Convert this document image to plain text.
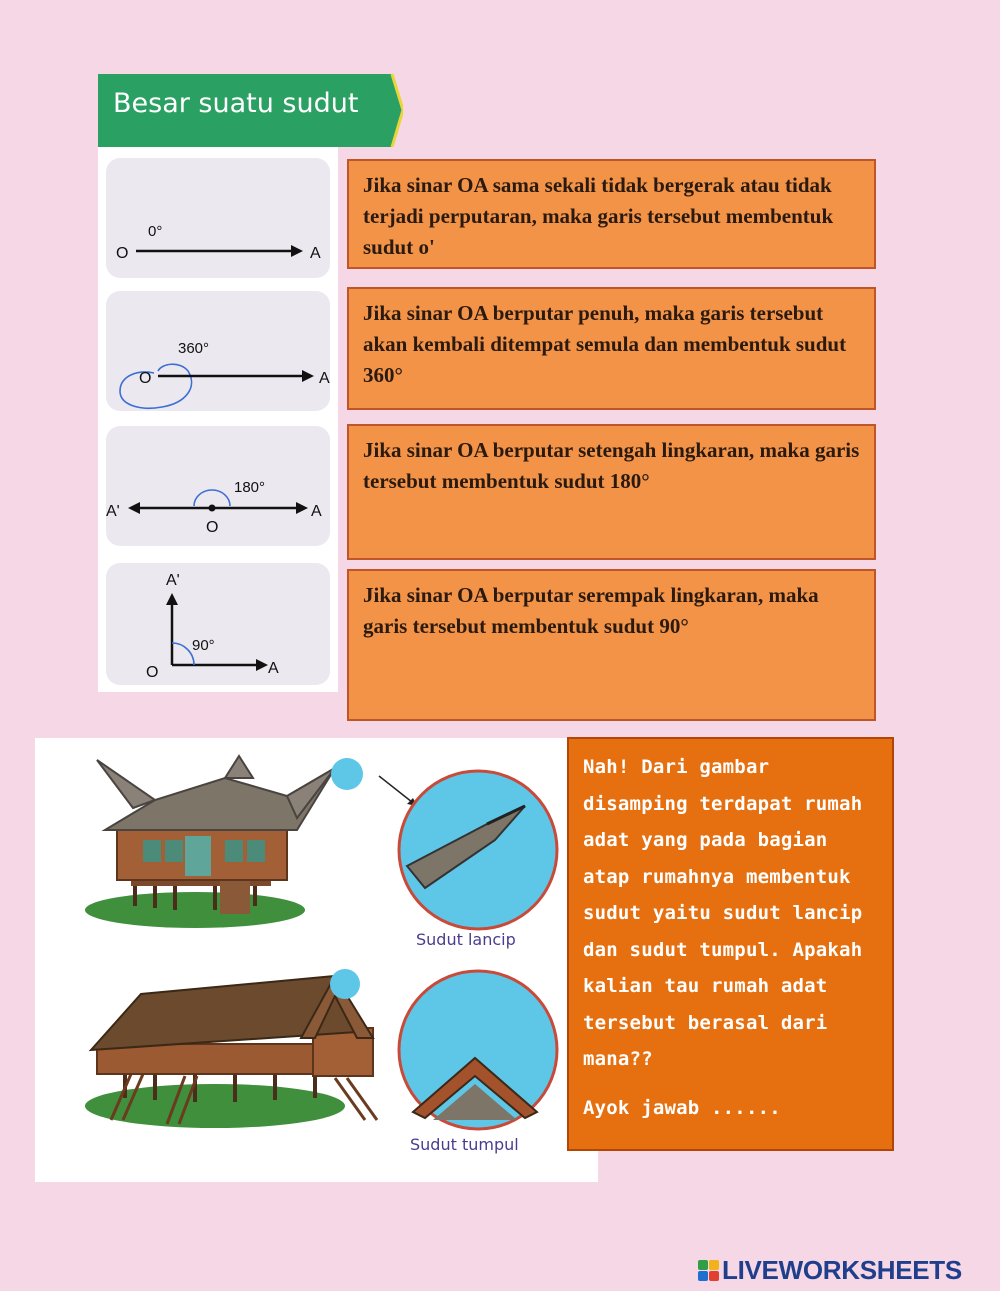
Besar suatu sudut
O	A
0°
O	A
360°
A'	A
O
180°
A'
O	A
90°
Jika sinar OA sama sekali tidak bergerak atau tidak terjadi perputaran, maka garis tersebut membentuk sudut o'
Jika sinar OA berputar penuh, maka garis tersebut akan kembali ditempat semula dan membentuk sudut 360°
Jika sinar OA berputar setengah lingkaran, maka garis tersebut membentuk sudut 180°
Jika sinar OA berputar serempak lingkaran, maka garis tersebut membentuk sudut 90°
Sudut lancip
Sudut tumpul

Nah! Dari gambar disamping terdapat rumah adat yang pada bagian atap rumahnya membentuk sudut yaitu sudut lancip dan sudut tumpul. Apakah kalian tau rumah adat tersebut berasal dari mana??

Ayok jawab ......

LIVEWORKSHEETS
